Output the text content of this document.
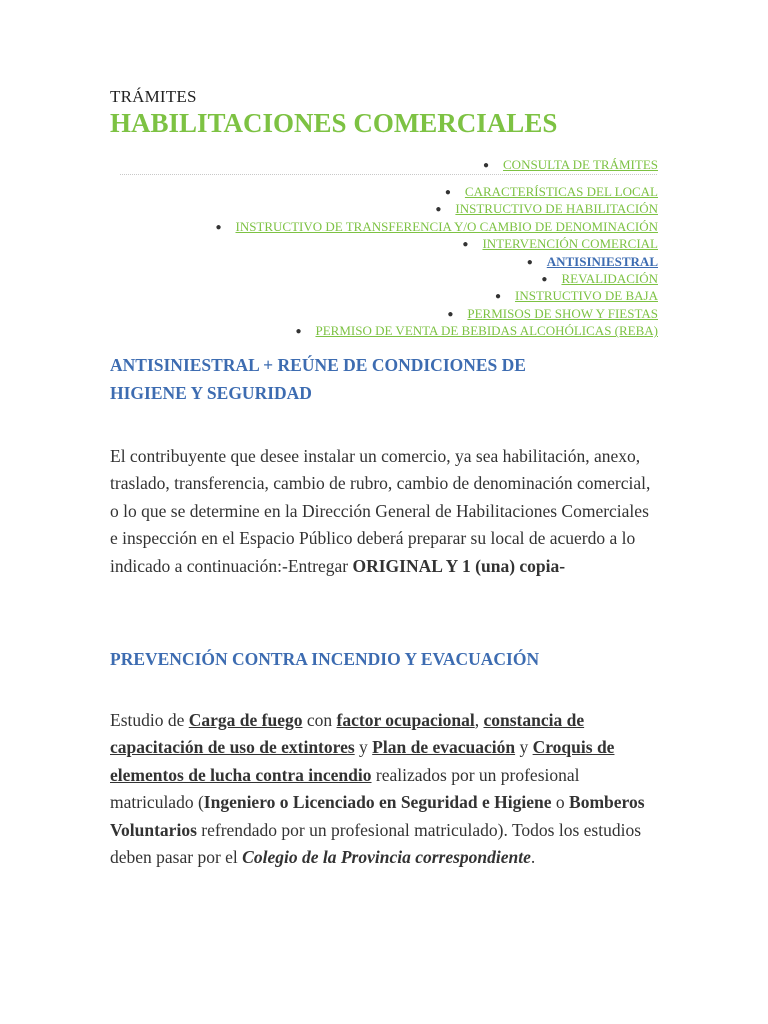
TRÁMITES
HABILITACIONES COMERCIALES
● CONSULTA DE TRÁMITES
● CARACTERÍSTICAS DEL LOCAL
● INSTRUCTIVO DE HABILITACIÓN
● INSTRUCTIVO DE TRANSFERENCIA Y/O CAMBIO DE DENOMINACIÓN
● INTERVENCIÓN COMERCIAL
● ANTISINIESTRAL
● REVALIDACIÓN
● INSTRUCTIVO DE BAJA
● PERMISOS DE SHOW Y FIESTAS
● PERMISO DE VENTA DE BEBIDAS ALCOHÓLICAS (REBA)
ANTISINIESTRAL + REÚNE DE CONDICIONES DE HIGIENE Y SEGURIDAD

El contribuyente que desee instalar un comercio, ya sea habilitación, anexo, traslado, transferencia, cambio de rubro, cambio de denominación comercial, o lo que se determine en la Dirección General de Habilitaciones Comerciales e inspección en el Espacio Público deberá preparar su local de acuerdo a lo indicado a continuación:-Entregar ORIGINAL Y 1 (una) copia-

PREVENCIÓN CONTRA INCENDIO Y EVACUACIÓN

Estudio de Carga de fuego con factor ocupacional, constancia de capacitación de uso de extintores y Plan de evacuación y Croquis de elementos de lucha contra incendio realizados por un profesional matriculado (Ingeniero o Licenciado en Seguridad e Higiene o Bomberos Voluntarios refrendado por un profesional matriculado). Todos los estudios deben pasar por el Colegio de la Provincia correspondiente.
